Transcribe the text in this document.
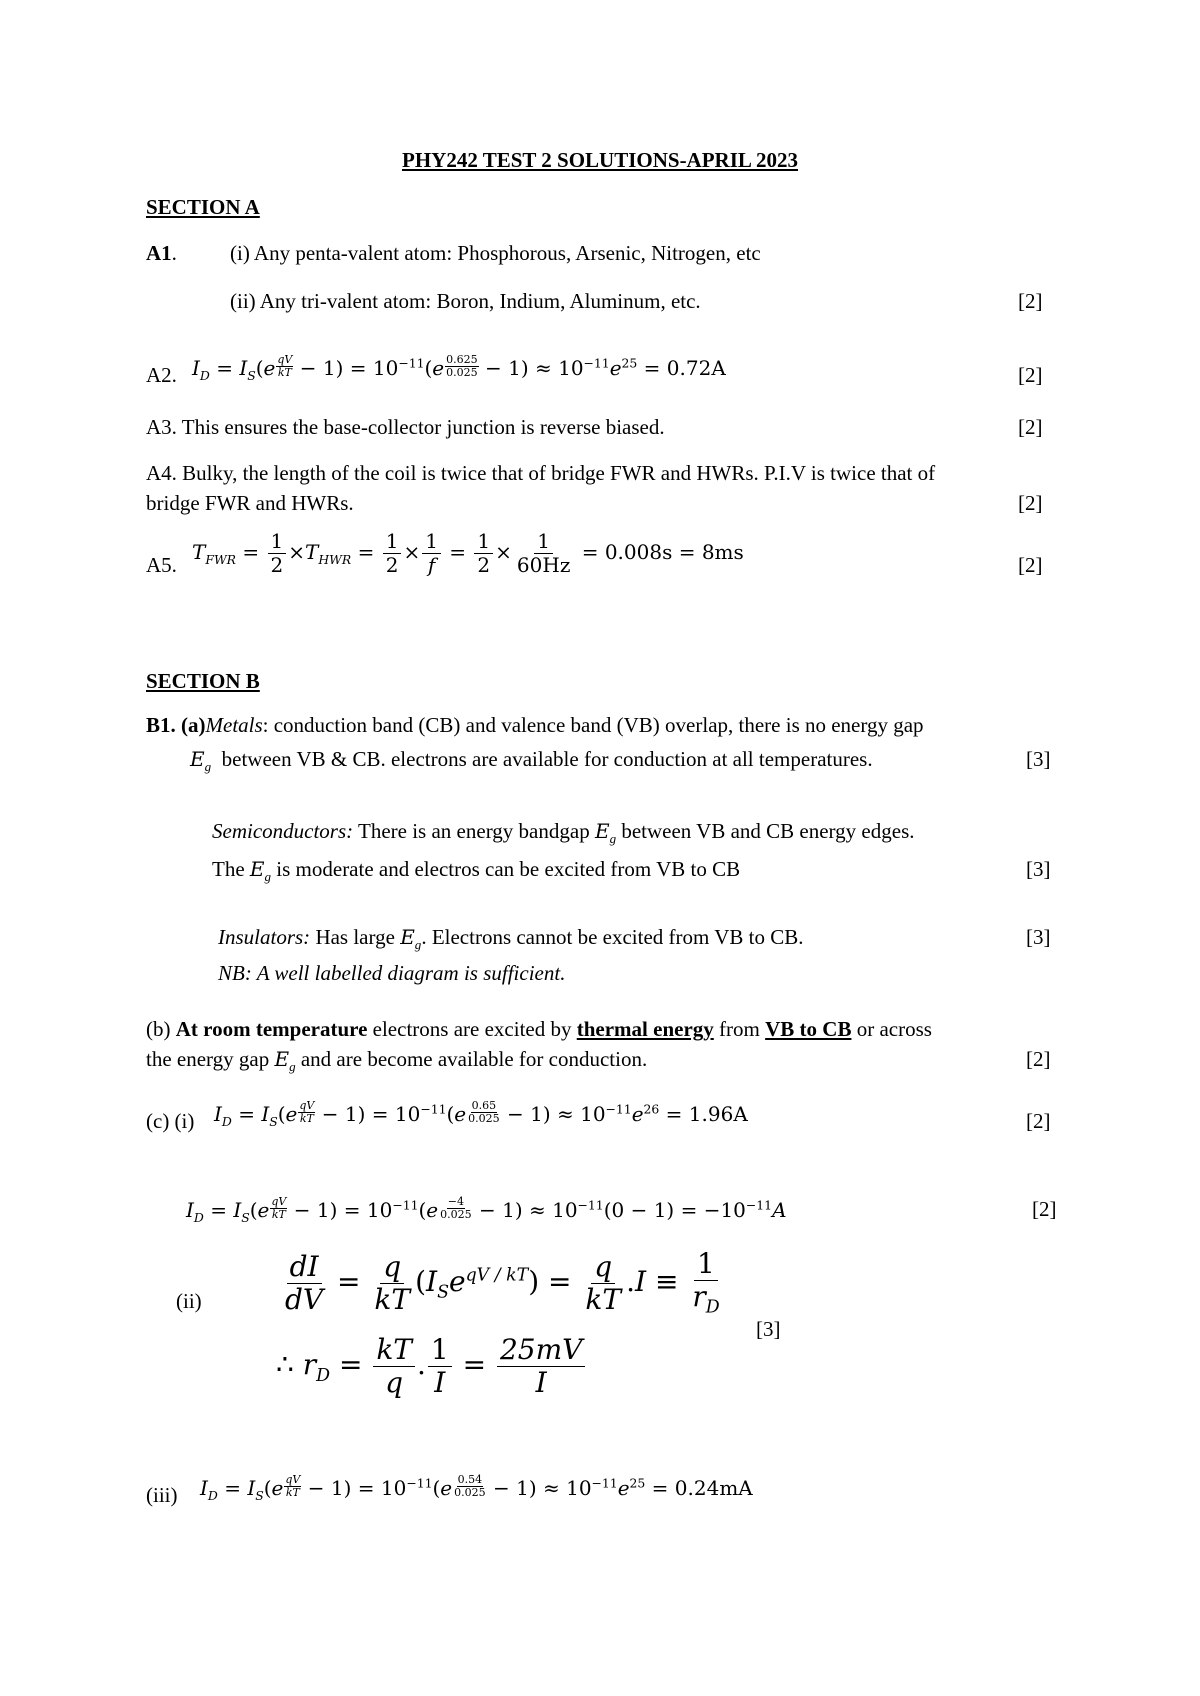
PHY242 TEST 2 SOLUTIONS-APRIL 2023
SECTION A
A1.	(i) Any penta-valent atom: Phosphorous, Arsenic, Nitrogen, etc
(ii) Any tri-valent atom: Boron, Indium, Aluminum, etc.	[2]
A2. $I_D = I_S(e \frac{qV}{kT} - 1) = 10^{-11}(e \frac{0.625}{0.025} - 1) \approx 10^{-11}e^{25} = 0.72A$	[2]
A3. This ensures the base-collector junction is reverse biased.	[2]
A4. Bulky, the length of the coil is twice that of bridge FWR and HWRs. P.I.V is twice that of
bridge FWR and HWRs.	[2]
A5.
$T_{FWR} = \frac{1}{2} \times T_{HWR} = \frac{1}{2} \times \frac{1}{f} = \frac{1}{2} \times \frac{1}{60Hz} = 0.008s = 8ms$
[2]
SECTION B
B1. (a)Metals: conduction band (CB) and valence band (VB) overlap, there is no energy gap
$E_g$ between VB & CB. electrons are available for conduction at all temperatures.	[3]
Semiconductors: There is an energy bandgap $E_g$ between VB and CB energy edges.
The $E_g$ is moderate and electros can be excited from VB to CB	[3]
Insulators: Has large $E_g$. Electrons cannot be excited from VB to CB.	[3]
NB: A well labelled diagram is sufficient.
(b) At room temperature electrons are excited by thermal energy from VB to CB or across
the energy gap $E_g$ and are become available for conduction.	[2]
(c) (i) $I_D = I_S(e \frac{qV}{kT} - 1) = 10^{-11}(e \frac{0.65}{0.025} - 1) \approx 10^{-11}e^{26} = 1.96A$	[2]
$I_D = I_S(e \frac{qV}{kT} - 1) = 10^{-11}(e \frac{-4}{0.025} - 1) \approx 10^{-11}(0 - 1) = -10^{-11}A$	[2]
(ii)	$\frac{dI}{dV} = \frac{q}{kT} (I_Se^{qV / kT}) = \frac{q}{kT} .I \equiv \frac{1}{r_D}$
[3]
∴ $r_D = \frac{kT}{q}$ . $\frac{1}{I} = \frac{25mV}{I}$
(iii) $I_D = I_S(e \frac{qV}{kT} - 1) = 10^{-11}(e \frac{0.54}{0.025} - 1) \approx 10^{-11}e^{25} = 0.24mA$
